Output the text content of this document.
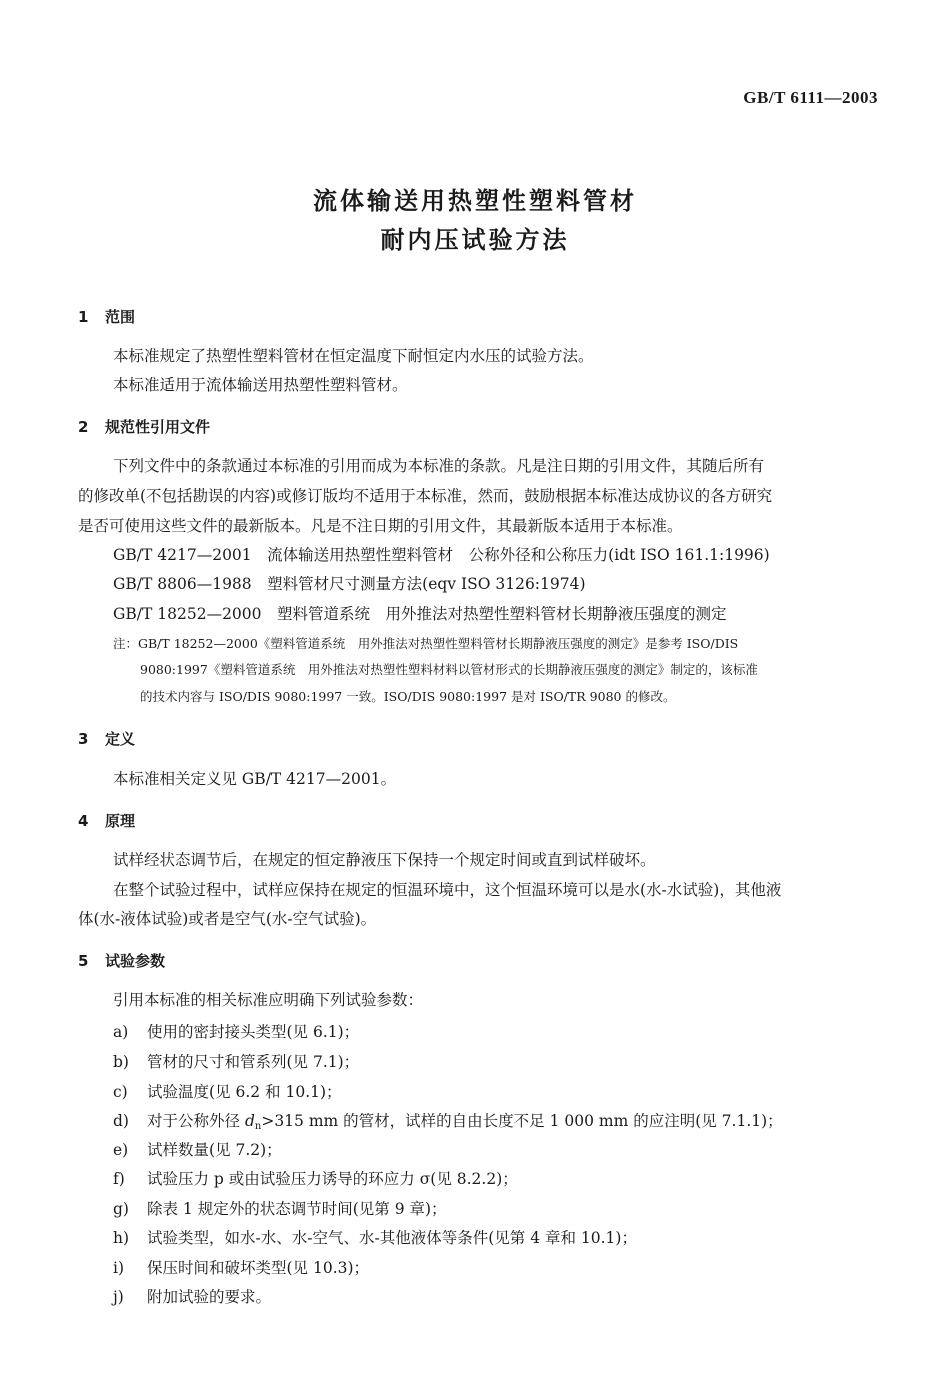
GB/T 6111—2003
流体输送用热塑性塑料管材
耐内压试验方法
1 范围
本标准规定了热塑性塑料管材在恒定温度下耐恒定内水压的试验方法。
本标准适用于流体输送用热塑性塑料管材。
2 规范性引用文件
下列文件中的条款通过本标准的引用而成为本标准的条款。凡是注日期的引用文件，其随后所有
的修改单(不包括勘误的内容)或修订版均不适用于本标准，然而，鼓励根据本标准达成协议的各方研究
是否可使用这些文件的最新版本。凡是不注日期的引用文件，其最新版本适用于本标准。
GB/T 4217—2001　流体输送用热塑性塑料管材　公称外径和公称压力(idt ISO 161.1:1996)
GB/T 8806—1988　塑料管材尺寸测量方法(eqv ISO 3126:1974)
GB/T 18252—2000　塑料管道系统　用外推法对热塑性塑料管材长期静液压强度的测定
注：GB/T 18252—2000《塑料管道系统　用外推法对热塑性塑料管材长期静液压强度的测定》是参考 ISO/DIS
9080:1997《塑料管道系统　用外推法对热塑性塑料材料以管材形式的长期静液压强度的测定》制定的，该标准
的技术内容与 ISO/DIS 9080:1997 一致。ISO/DIS 9080:1997 是对 ISO/TR 9080 的修改。
3 定义
本标准相关定义见 GB/T 4217—2001。
4 原理
试样经状态调节后，在规定的恒定静液压下保持一个规定时间或直到试样破坏。
在整个试验过程中，试样应保持在规定的恒温环境中，这个恒温环境可以是水(水-水试验)，其他液
体(水-液体试验)或者是空气(水-空气试验)。
5 试验参数
引用本标准的相关标准应明确下列试验参数：
a) 使用的密封接头类型(见 6.1)；
b) 管材的尺寸和管系列(见 7.1)；
c) 试验温度(见 6.2 和 10.1)；
d) 对于公称外径 $d_n>315$ mm 的管材，试样的自由长度不足 1 000 mm 的应注明(见 7.1.1)；
e) 试样数量(见 7.2)；
f) 试验压力 p 或由试验压力诱导的环应力 σ(见 8.2.2)；
g) 除表 1 规定外的状态调节时间(见第 9 章)；
h) 试验类型，如水-水、水-空气、水-其他液体等条件(见第 4 章和 10.1)；
i) 保压时间和破坏类型(见 10.3)；
j) 附加试验的要求。
